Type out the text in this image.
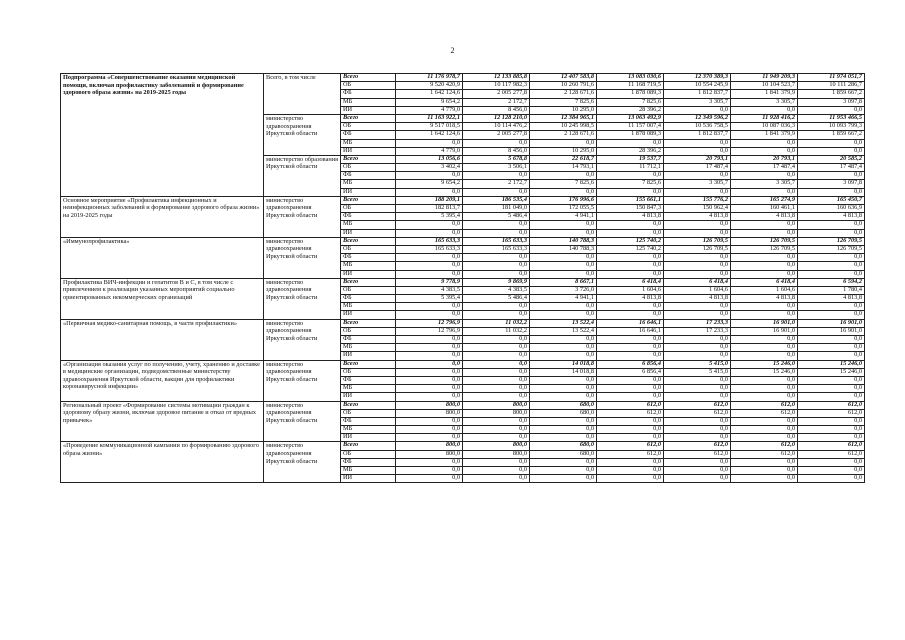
2
Подпрограмма «Совершенствование оказания медицинской помощи, включая профилактику заболеваний и формирование здорового образа жизни» на 2019-2025 годы	Всего, в том числе	Всего	11 176 978,7	12 133 885,8	12 407 583,8	13 083 030,6	12 370 389,3	11 949 209,3	11 974 051,7
		ОБ	9 520 420,9	10 117 982,3	10 260 791,6	11 168 719,5	10 554 245,9	10 104 523,7	10 111 286,7
		ФБ	1 642 124,6	2 005 277,8	2 128 671,6	1 878 089,3	1 812 837,7	1 841 379,9	1 859 667,2
		МБ	9 654,2	2 172,7	7 825,6	7 825,6	3 305,7	3 305,7	3 097,8
		ИИ	4 779,0	8 456,0	10 295,0	28 396,2	0,0	0,0	0,0
	министерство здравоохранения Иркутской области	Всего	11 163 922,1	12 128 210,0	12 384 965,1	13 063 492,9	12 349 596,2	11 928 416,2	11 953 466,5
		ОБ	9 517 018,5	10 114 476,2	10 245 998,5	11 157 007,4	10 536 758,5	10 087 036,3	10 093 799,3
		ФБ	1 642 124,6	2 005 277,8	2 128 671,6	1 878 089,3	1 812 837,7	1 841 379,9	1 859 667,2
		МБ	0,0	0,0	0,0	0,0	0,0	0,0	0,0
		ИИ	4 779,0	8 456,0	10 295,0	28 396,2	0,0	0,0	0,0
	министерство образования Иркутской области	Всего	13 056,6	5 678,8	22 618,7	19 537,7	20 793,1	20 793,1	20 585,2
		ОБ	3 402,4	3 506,1	14 793,1	11 712,1	17 487,4	17 487,4	17 487,4
		ФБ	0,0	0,0	0,0	0,0	0,0	0,0	0,0
		МБ	9 654,2	2 172,7	7 825,6	7 825,6	3 305,7	3 305,7	3 097,8
		ИИ	0,0	0,0	0,0	0,0	0,0	0,0	0,0
Основное мероприятие «Профилактика инфекционных и неинфекционных заболеваний и формирование здорового образа жизни» на 2019-2025 годы	министерство здравоохранения Иркутской области	Всего	188 209,1	186 535,4	176 996,6	155 661,1	155 776,2	165 274,9	165 450,7
		ОБ	182 813,7	181 049,0	172 055,5	150 847,3	150 962,4	160 461,1	160 636,9
		ФБ	5 395,4	5 486,4	4 941,1	4 813,8	4 813,8	4 813,8	4 813,8
		МБ	0,0	0,0	0,0	0,0	0,0	0,0	0,0
		ИИ	0,0	0,0	0,0	0,0	0,0	0,0	0,0
«Иммунопрофилактика»	министерство здравоохранения Иркутской области	Всего	165 633,3	165 633,3	140 788,3	125 740,2	126 709,5	126 709,5	126 709,5
		ОБ	165 633,3	165 633,3	140 788,3	125 740,2	126 709,5	126 709,5	126 709,5
		ФБ	0,0	0,0	0,0	0,0	0,0	0,0	0,0
		МБ	0,0	0,0	0,0	0,0	0,0	0,0	0,0
		ИИ	0,0	0,0	0,0	0,0	0,0	0,0	0,0
Профилактика ВИЧ-инфекции и гепатитов В и С, в том числе с привлечением к реализации указанных мероприятий социально ориентированных некоммерческих организаций	министерство здравоохранения Иркутской области	Всего	9 778,9	9 869,9	8 667,1	6 418,4	6 418,4	6 418,4	6 594,2
		ОБ	4 383,5	4 383,5	3 726,0	1 604,6	1 604,6	1 604,6	1 780,4
		ФБ	5 395,4	5 486,4	4 941,1	4 813,8	4 813,8	4 813,8	4 813,8
		МБ	0,0	0,0	0,0	0,0	0,0	0,0	0,0
		ИИ	0,0	0,0	0,0	0,0	0,0	0,0	0,0
«Первичная медико-санитарная помощь, в части профилактики»	министерство здравоохранения Иркутской области	Всего	12 796,9	11 032,2	13 522,4	16 646,1	17 233,3	16 901,0	16 901,0
		ОБ	12 796,9	11 032,2	13 522,4	16 646,1	17 233,3	16 901,0	16 901,0
		ФБ	0,0	0,0	0,0	0,0	0,0	0,0	0,0
		МБ	0,0	0,0	0,0	0,0	0,0	0,0	0,0
		ИИ	0,0	0,0	0,0	0,0	0,0	0,0	0,0
«Организация оказания услуг по получению, учету, хранению и доставке в медицинские организации, подведомственные министерству здравоохранения Иркутской области, вакцин для профилактики коронавирусной инфекции»	министерство здравоохранения Иркутской области	Всего	0,0	0,0	14 018,8	6 856,4	5 415,0	15 246,0	15 246,0
		ОБ	0,0	0,0	14 018,8	6 856,4	5 415,0	15 246,0	15 246,0
		ФБ	0,0	0,0	0,0	0,0	0,0	0,0	0,0
		МБ	0,0	0,0	0,0	0,0	0,0	0,0	0,0
		ИИ	0,0	0,0	0,0	0,0	0,0	0,0	0,0
Региональный проект «Формирование системы мотивации граждан к здоровому образу жизни, включая здоровое питание и отказ от вредных привычек»	министерство здравоохранения Иркутской области	Всего	800,0	800,0	680,0	612,0	612,0	612,0	612,0
		ОБ	800,0	800,0	680,0	612,0	612,0	612,0	612,0
		ФБ	0,0	0,0	0,0	0,0	0,0	0,0	0,0
		МБ	0,0	0,0	0,0	0,0	0,0	0,0	0,0
		ИИ	0,0	0,0	0,0	0,0	0,0	0,0	0,0
«Проведение коммуникационной кампании по формированию здорового образа жизни»	министерство здравоохранения Иркутской области	Всего	800,0	800,0	680,0	612,0	612,0	612,0	612,0
		ОБ	800,0	800,0	680,0	612,0	612,0	612,0	612,0
		ФБ	0,0	0,0	0,0	0,0	0,0	0,0	0,0
		МБ	0,0	0,0	0,0	0,0	0,0	0,0	0,0
		ИИ	0,0	0,0	0,0	0,0	0,0	0,0	0,0
